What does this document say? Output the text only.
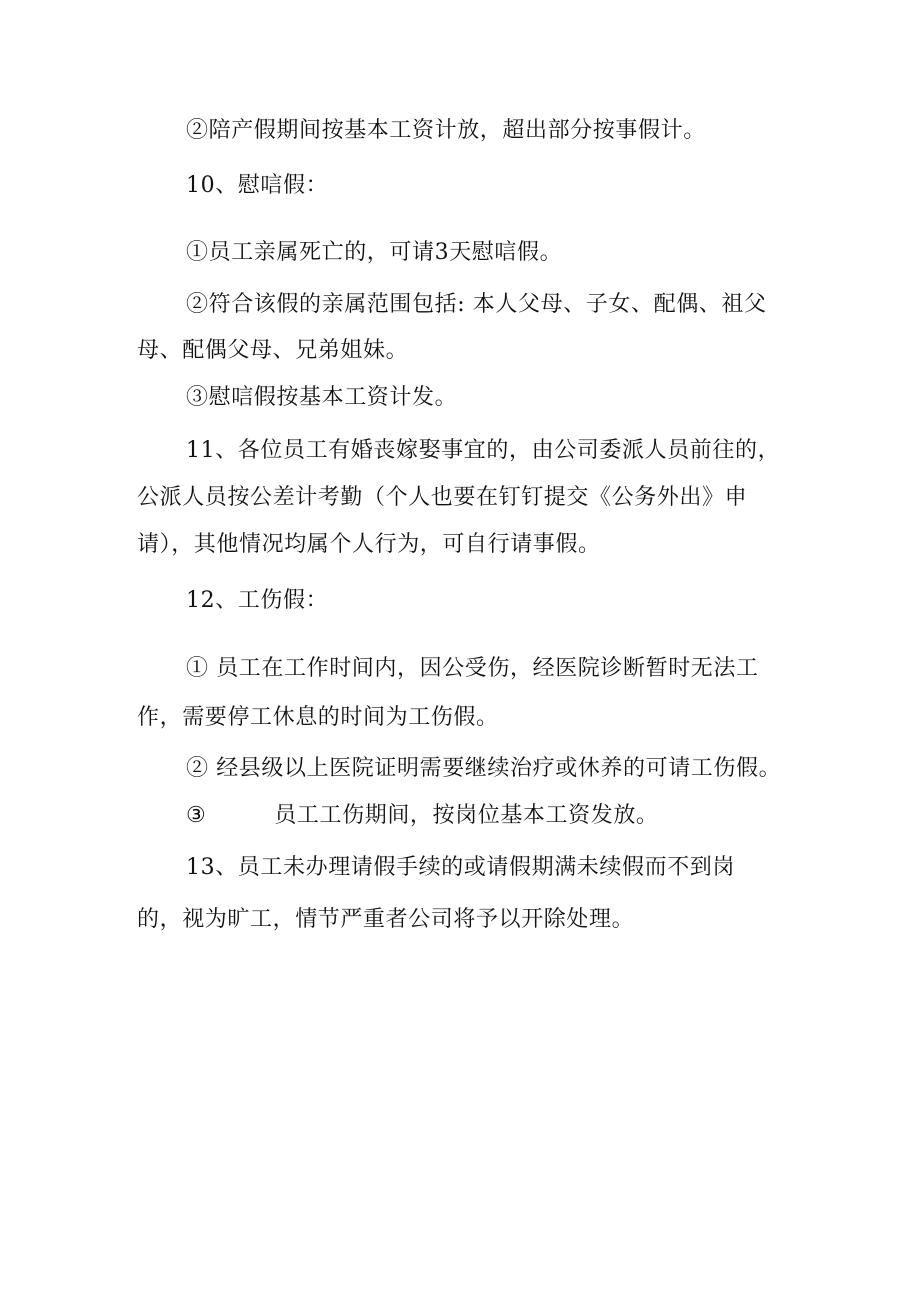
②陪产假期间按基本工资计放，超出部分按事假计。
10、慰唁假：
①员工亲属死亡的，可请3天慰唁假。
②符合该假的亲属范围包括: 本人父母、子女、配偶、祖父
母、配偶父母、兄弟姐妹。
③慰唁假按基本工资计发。
11、各位员工有婚丧嫁娶事宜的，由公司委派人员前往的，
公派人员按公差计考勤（个人也要在钉钉提交《公务外出》申
请），其他情况均属个人行为，可自行请事假。
12、工伤假：
① 员工在工作时间内，因公受伤，经医院诊断暂时无法工
作，需要停工休息的时间为工伤假。
② 经县级以上医院证明需要继续治疗或休养的可请工伤假。
③	员工工伤期间，按岗位基本工资发放。
13、员工未办理请假手续的或请假期满未续假而不到岗
的，视为旷工，情节严重者公司将予以开除处理。
